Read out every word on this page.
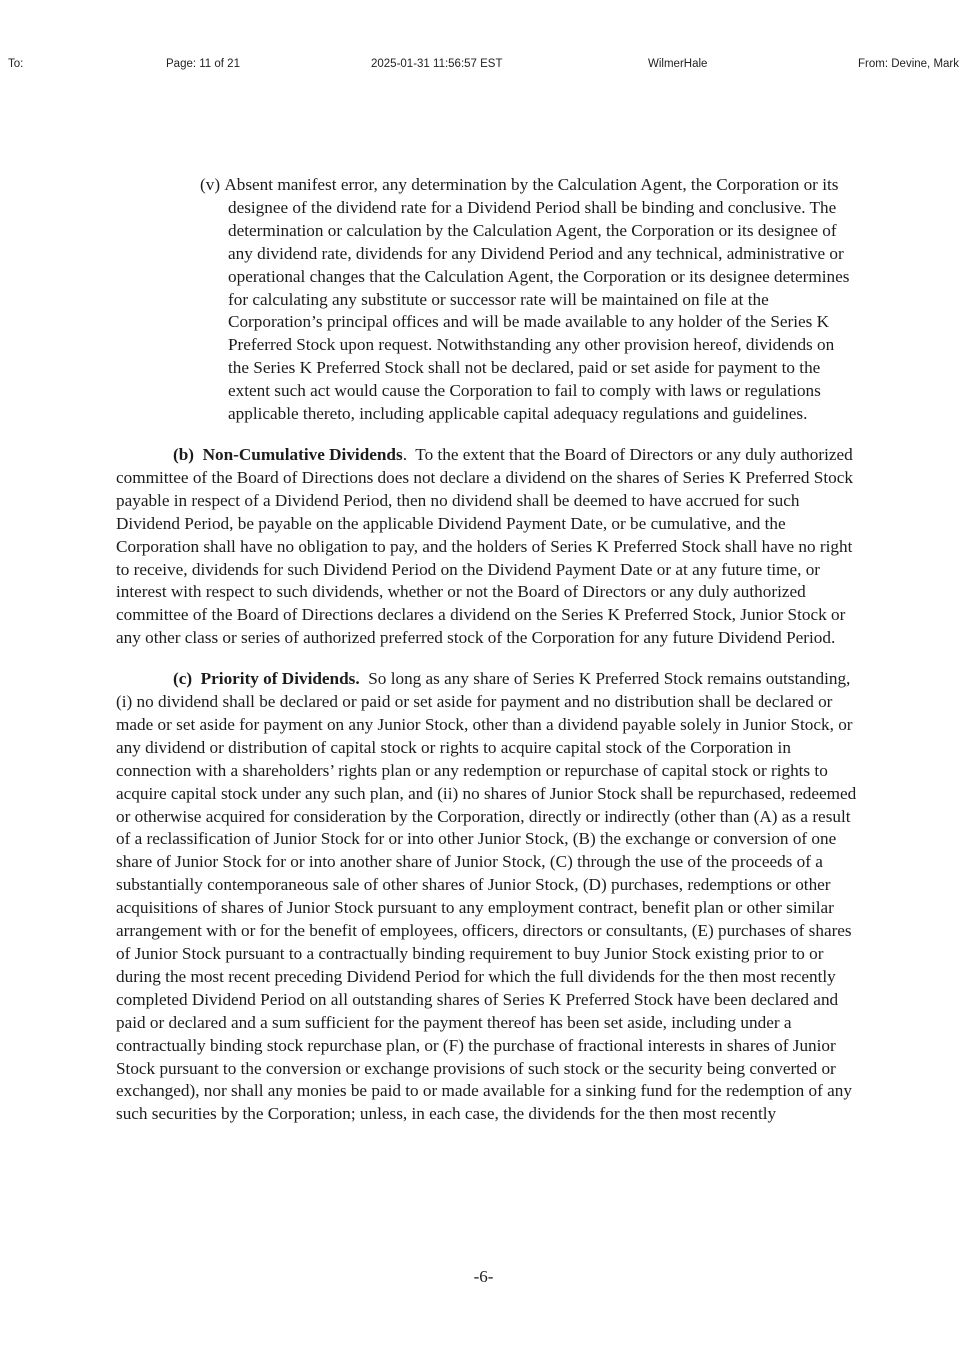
To:	Page: 11 of 21	2025-01-31 11:56:57 EST	WilmerHale	From: Devine, Mark

(v) Absent manifest error, any determination by the Calculation Agent, the Corporation or its designee of the dividend rate for a Dividend Period shall be binding and conclusive. The determination or calculation by the Calculation Agent, the Corporation or its designee of any dividend rate, dividends for any Dividend Period and any technical, administrative or operational changes that the Calculation Agent, the Corporation or its designee determines for calculating any substitute or successor rate will be maintained on file at the Corporation’s principal offices and will be made available to any holder of the Series K Preferred Stock upon request. Notwithstanding any other provision hereof, dividends on the Series K Preferred Stock shall not be declared, paid or set aside for payment to the extent such act would cause the Corporation to fail to comply with laws or regulations applicable thereto, including applicable capital adequacy regulations and guidelines.

(b) Non-Cumulative Dividends.  To the extent that the Board of Directors or any duly authorized committee of the Board of Directions does not declare a dividend on the shares of Series K Preferred Stock payable in respect of a Dividend Period, then no dividend shall be deemed to have accrued for such Dividend Period, be payable on the applicable Dividend Payment Date, or be cumulative, and the Corporation shall have no obligation to pay, and the holders of Series K Preferred Stock shall have no right to receive, dividends for such Dividend Period on the Dividend Payment Date or at any future time, or interest with respect to such dividends, whether or not the Board of Directors or any duly authorized committee of the Board of Directions declares a dividend on the Series K Preferred Stock, Junior Stock or any other class or series of authorized preferred stock of the Corporation for any future Dividend Period.

(c) Priority of Dividends. So long as any share of Series K Preferred Stock remains outstanding, (i) no dividend shall be declared or paid or set aside for payment and no distribution shall be declared or made or set aside for payment on any Junior Stock, other than a dividend payable solely in Junior Stock, or any dividend or distribution of capital stock or rights to acquire capital stock of the Corporation in connection with a shareholders’ rights plan or any redemption or repurchase of capital stock or rights to acquire capital stock under any such plan, and (ii) no shares of Junior Stock shall be repurchased, redeemed or otherwise acquired for consideration by the Corporation, directly or indirectly (other than (A) as a result of a reclassification of Junior Stock for or into other Junior Stock, (B) the exchange or conversion of one share of Junior Stock for or into another share of Junior Stock, (C) through the use of the proceeds of a substantially contemporaneous sale of other shares of Junior Stock, (D) purchases, redemptions or other acquisitions of shares of Junior Stock pursuant to any employment contract, benefit plan or other similar arrangement with or for the benefit of employees, officers, directors or consultants, (E) purchases of shares of Junior Stock pursuant to a contractually binding requirement to buy Junior Stock existing prior to or during the most recent preceding Dividend Period for which the full dividends for the then most recently completed Dividend Period on all outstanding shares of Series K Preferred Stock have been declared and paid or declared and a sum sufficient for the payment thereof has been set aside, including under a contractually binding stock repurchase plan, or (F) the purchase of fractional interests in shares of Junior Stock pursuant to the conversion or exchange provisions of such stock or the security being converted or exchanged), nor shall any monies be paid to or made available for a sinking fund for the redemption of any such securities by the Corporation; unless, in each case, the dividends for the then most recently

-6-
